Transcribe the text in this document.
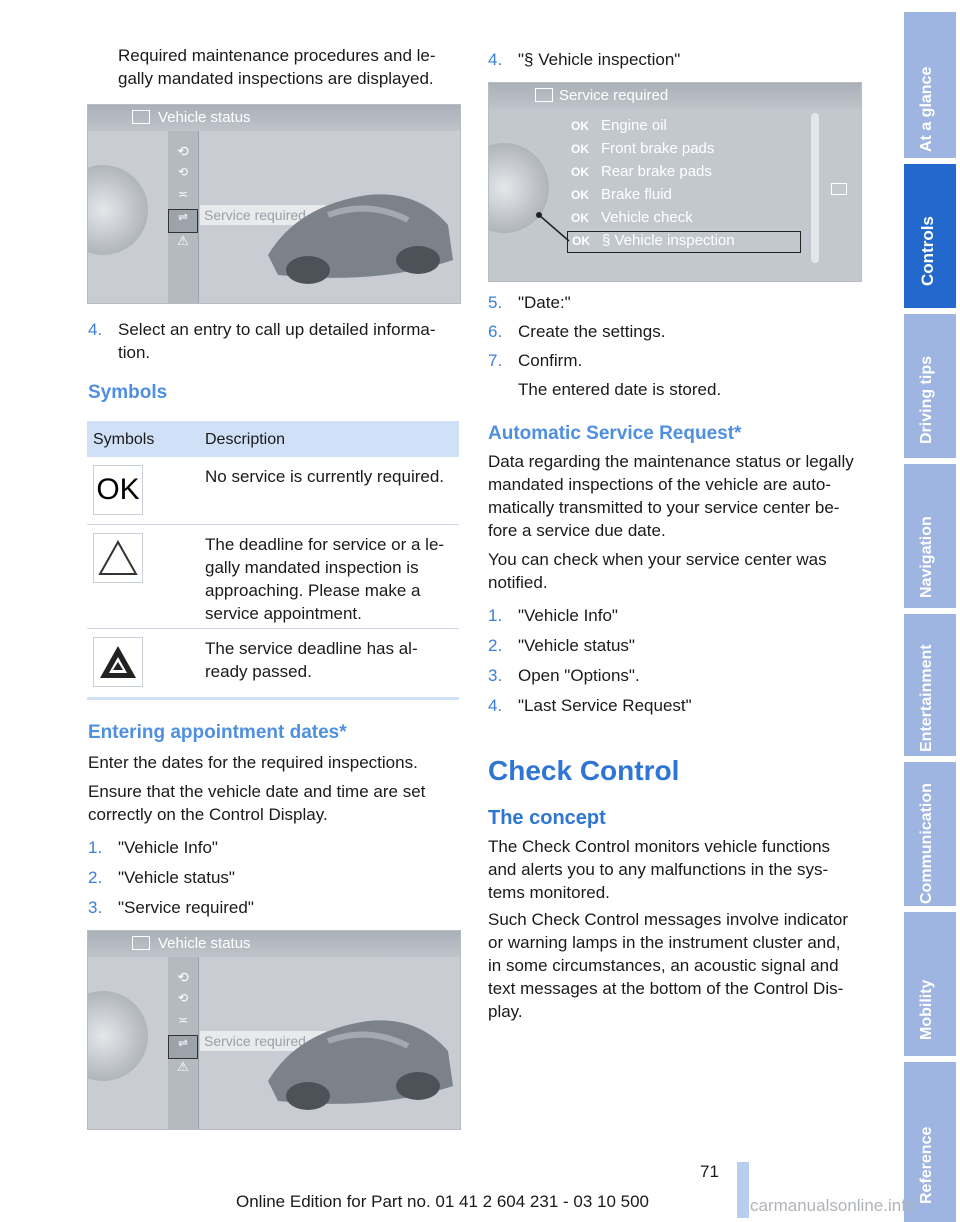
Required maintenance procedures and le-
gally mandated inspections are displayed.
Vehicle status
⟲
⟲
≍
⇌
⚠
Service required
4. Select an entry to call up detailed informa-
tion.
Symbols
Symbols	Description
OK	No service is currently required.
The deadline for service or a le-
gally mandated inspection is
approaching. Please make a
service appointment.
The service deadline has al-
ready passed.
Entering appointment dates*
Enter the dates for the required inspections.
Ensure that the vehicle date and time are set
correctly on the Control Display.
1. "Vehicle Info"
2. "Vehicle status"
3. "Service required"
Vehicle status
⟲
⟲
≍
⇌
⚠
Service required
4. "§ Vehicle inspection"
Service required
OK Engine oil
OK Front brake pads
OK Rear brake pads
OK Brake fluid
OK Vehicle check
OK § Vehicle inspection
5. "Date:"
6. Create the settings.
7. Confirm.
The entered date is stored.
Automatic Service Request*
Data regarding the maintenance status or legally
mandated inspections of the vehicle are auto-
matically transmitted to your service center be-
fore a service due date.
You can check when your service center was
notified.
1. "Vehicle Info"
2. "Vehicle status"
3. Open "Options".
4. "Last Service Request"
Check Control
The concept
The Check Control monitors vehicle functions
and alerts you to any malfunctions in the sys-
tems monitored.
Such Check Control messages involve indicator
or warning lamps in the instrument cluster and,
in some circumstances, an acoustic signal and
text messages at the bottom of the Control Dis-
play.
At a glance
Controls
Driving tips
Navigation
Entertainment
Communication
Mobility
Reference
71
Online Edition for Part no. 01 41 2 604 231 - 03 10 500	carmanualsonline.info
